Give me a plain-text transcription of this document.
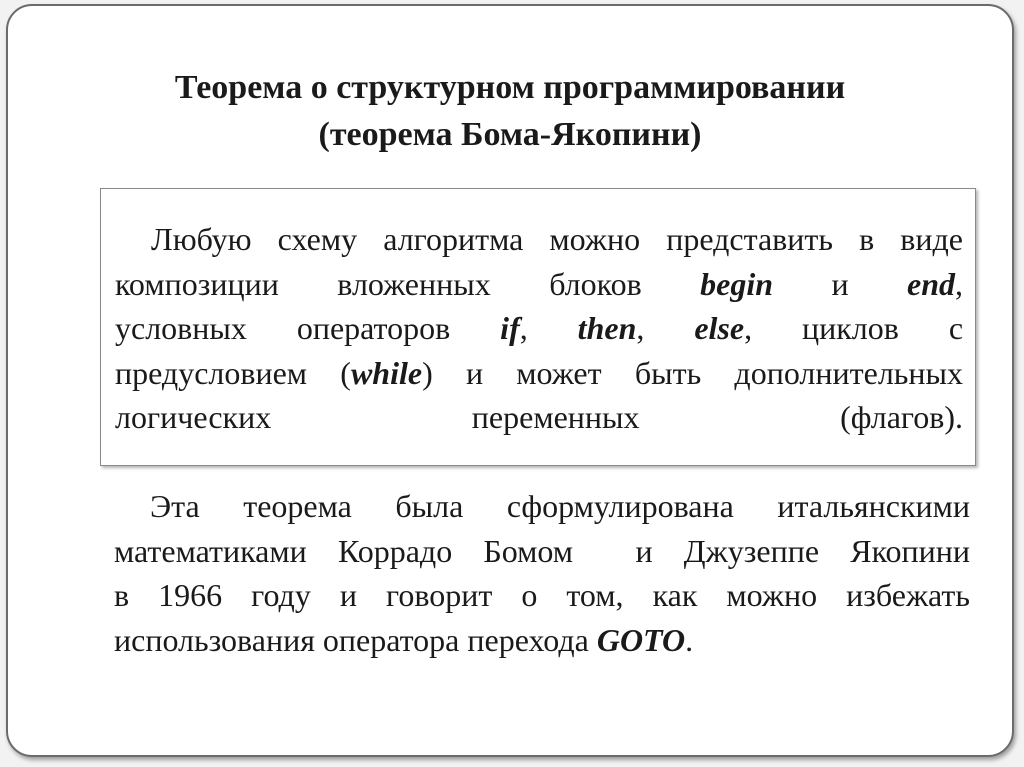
Теорема о структурном программировании
(теорема Бома-Якопини)

Любую схему алгоритма можно представить в виде
композиции вложенных блоков begin и end,
условных операторов if, then, else, циклов с
предусловием (while) и может быть дополнительных
логических переменных (флагов).

Эта теорема была сформулирована итальянскими
математиками Коррадо Бомом  и Джузеппе Якопини
в 1966 году и говорит о том, как можно избежать
использования оператора перехода GOTO.
